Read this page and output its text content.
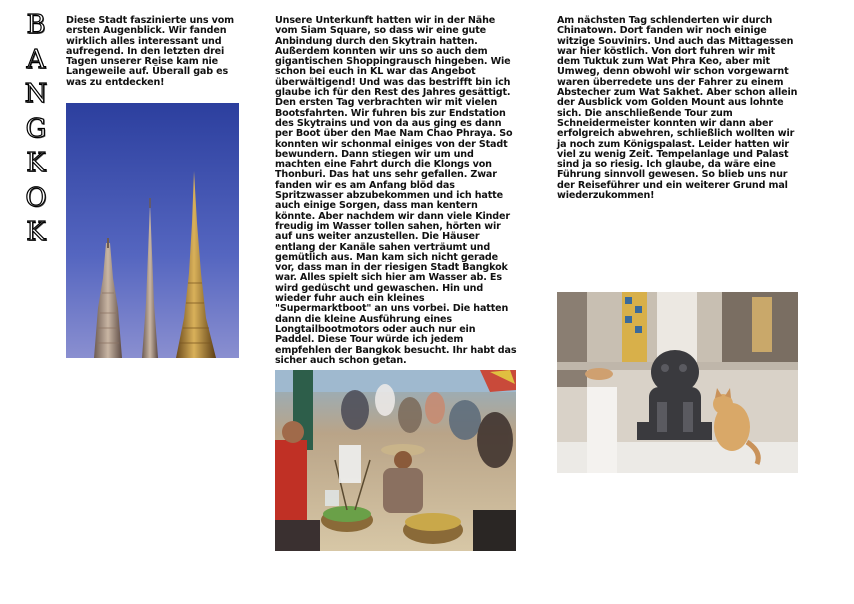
B
A
N
G
K
O
K

Diese Stadt faszinierte uns vom ersten Augenblick. Wir fanden wirklich alles interessant und aufregend. In den letzten drei Tagen unserer Reise kam nie Langeweile auf. Überall gab es was zu entdecken!

Unsere Unterkunft hatten wir in der Nähe vom Siam Square, so dass wir eine gute Anbindung durch den Skytrain hatten. Außerdem konnten wir uns so auch dem gigantischen Shoppingrausch hingeben. Wie schon bei euch in KL war das Angebot überwältigend! Und was das bestrifft bin ich glaube ich für den Rest des Jahres gesättigt. Den ersten Tag verbrachten wir mit vielen Bootsfahrten. Wir fuhren bis zur Endstation des Skytrains und von da aus ging es dann per Boot über den Mae Nam Chao Phraya. So konnten wir schonmal einiges von der Stadt bewundern. Dann stiegen wir um und machten eine Fahrt durch die Klongs von Thonburi. Das hat uns sehr gefallen. Zwar fanden wir es am Anfang blöd das Spritzwasser abzubekommen und ich hatte auch einige Sorgen, dass man kentern könnte. Aber nachdem wir dann viele Kinder freudig im Wasser tollen sahen, hörten wir auf uns weiter anzustellen. Die Häuser entlang der Kanäle sahen verträumt und gemütlich aus. Man kam sich nicht gerade vor, dass man in der riesigen Stadt Bangkok war. Alles spielt sich hier am Wasser ab. Es wird gedüscht und gewaschen. Hin und wieder fuhr auch ein kleines "Supermarktboot" an uns vorbei. Die hatten dann die kleine Ausführung eines Longtailbootmotors oder auch nur ein Paddel. Diese Tour würde ich jedem empfehlen der Bangkok besucht. Ihr habt das sicher auch schon getan.

Am nächsten Tag schlenderten wir durch Chinatown. Dort fanden wir noch einige witzige Souvinirs. Und auch das Mittagessen war hier köstlich. Von dort fuhren wir mit dem Tuktuk zum Wat Phra Keo, aber mit Umweg, denn obwohl wir schon vorgewarnt waren überredete uns der Fahrer zu einem Abstecher zum Wat Sakhet. Aber schon allein der Ausblick vom Golden Mount aus lohnte sich. Die anschließende Tour zum Schneidermeister konnten wir dann aber erfolgreich abwehren, schließlich wollten wir ja noch zum Königspalast. Leider hatten wir viel zu wenig Zeit. Tempelanlage und Palast sind ja so riesig. Ich glaube, da wäre eine Führung sinnvoll gewesen. So blieb uns nur der Reiseführer und ein weiterer Grund mal wiederzukommen!
